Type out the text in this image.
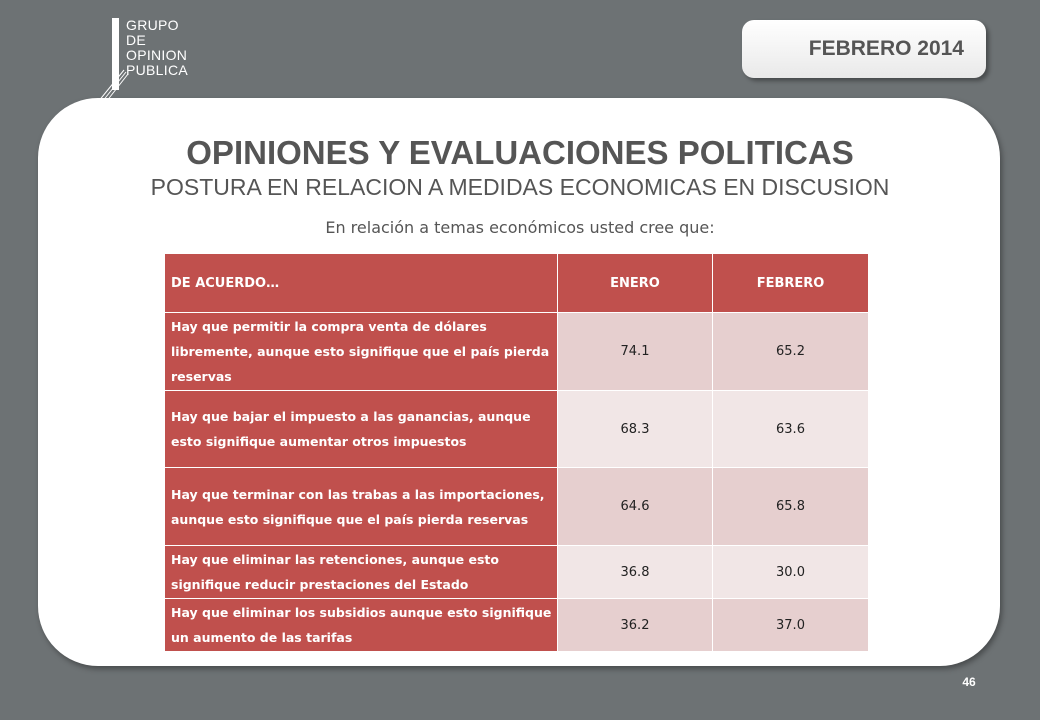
GRUPO
DE
OPINION
PUBLICA
FEBRERO 2014
OPINIONES Y EVALUACIONES POLITICAS
POSTURA EN RELACION A MEDIDAS ECONOMICAS EN DISCUSION
En relación a temas económicos usted cree que:
DE ACUERDO…	ENERO	FEBRERO
Hay que permitir la compra venta de dólares libremente, aunque esto signifique que el país pierda reservas	74.1	65.2
Hay que bajar el impuesto a las ganancias, aunque esto signifique aumentar otros impuestos	68.3	63.6
Hay que terminar con las trabas a las importaciones, aunque esto signifique que el país pierda reservas	64.6	65.8
Hay que eliminar las retenciones, aunque esto signifique reducir prestaciones del Estado	36.8	30.0
Hay que eliminar los subsidios aunque esto signifique un aumento de las tarifas	36.2	37.0
46
